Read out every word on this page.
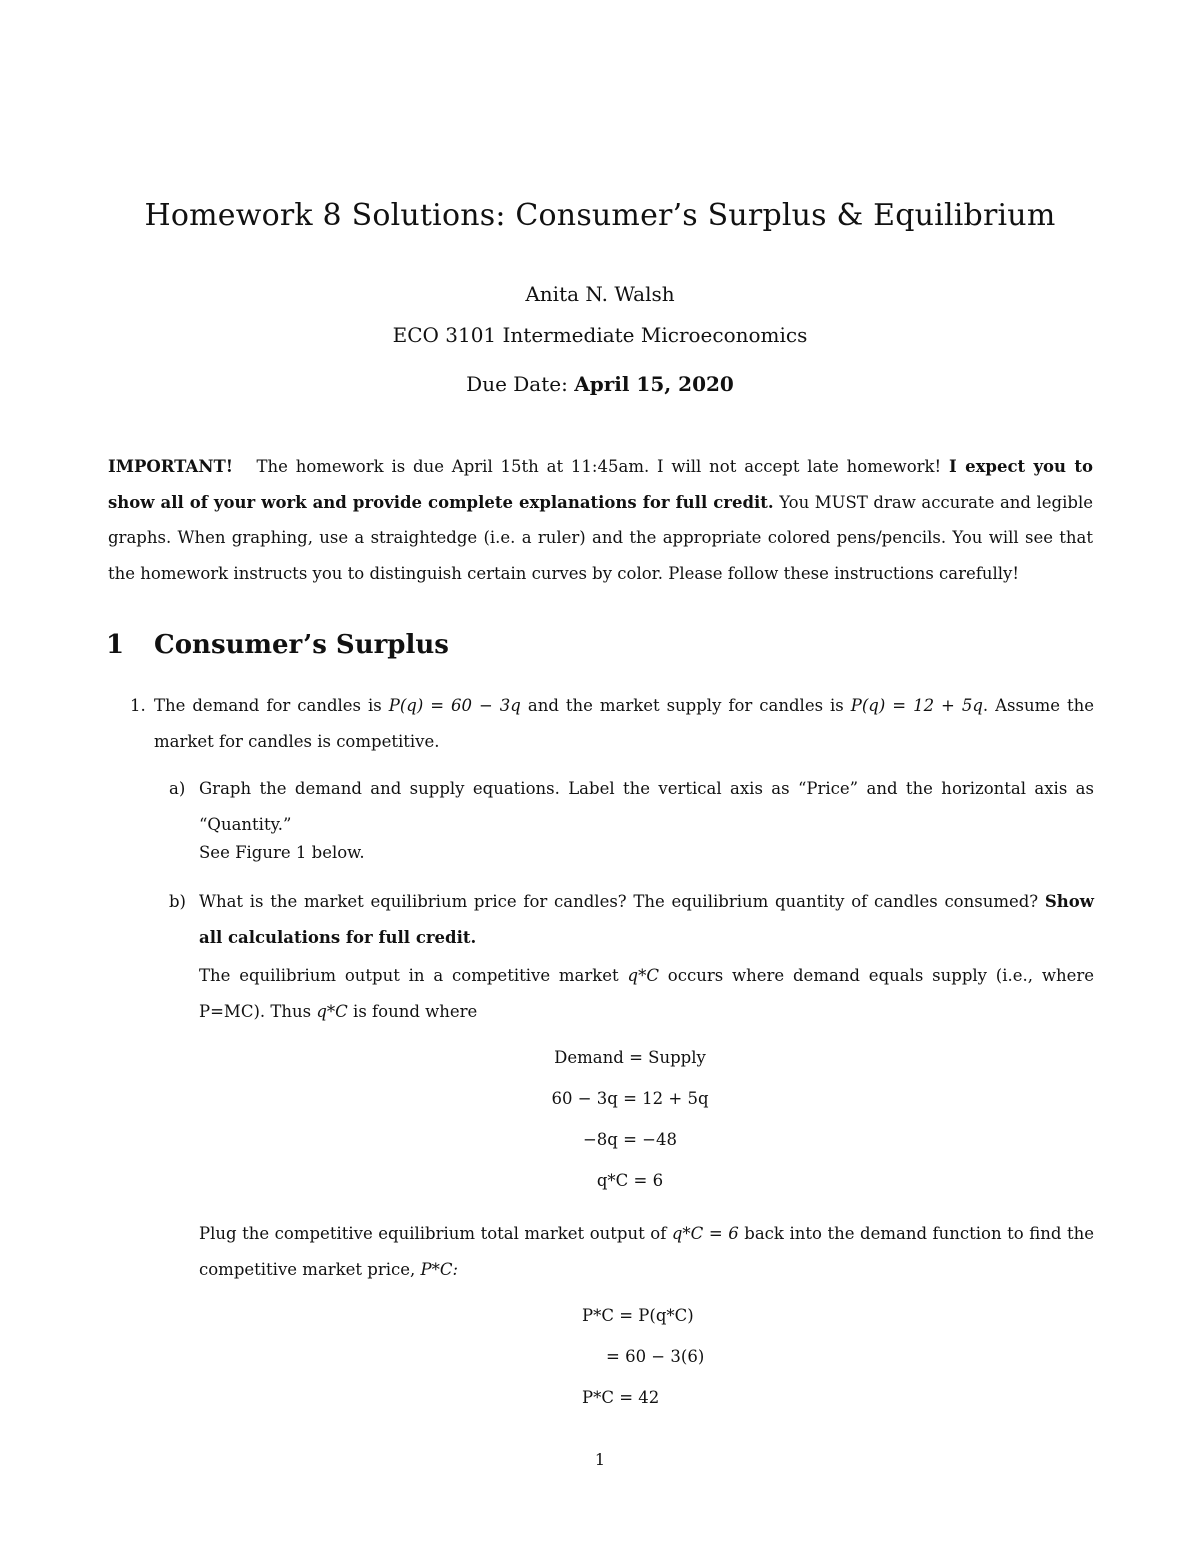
Homework 8 Solutions: Consumer’s Surplus & Equilibrium
Anita N. Walsh
ECO 3101 Intermediate Microeconomics
Due Date: April 15, 2020
IMPORTANT! The homework is due April 15th at 11:45am. I will not accept late homework! I expect you to show all of your work and provide complete explanations for full credit. You MUST draw accurate and legible graphs. When graphing, use a straightedge (i.e. a ruler) and the appropriate colored pens/pencils. You will see that the homework instructs you to distinguish certain curves by color. Please follow these instructions carefully!
1 Consumer’s Surplus
1. The demand for candles is P(q) = 60 − 3q and the market supply for candles is P(q) = 12 + 5q. Assume the market for candles is competitive.
a) Graph the demand and supply equations. Label the vertical axis as “Price” and the horizontal axis as “Quantity.”
See Figure 1 below.
b) What is the market equilibrium price for candles? The equilibrium quantity of candles consumed? Show all calculations for full credit.
The equilibrium output in a competitive market q*C occurs where demand equals supply (i.e., where P=MC). Thus q*C is found where
Demand = Supply
60 − 3q = 12 + 5q
−8q = −48
q*C = 6
Plug the competitive equilibrium total market output of q*C = 6 back into the demand function to find the competitive market price, P*C:
P*C = P(q*C)
= 60 − 3(6)
P*C = 42
1
